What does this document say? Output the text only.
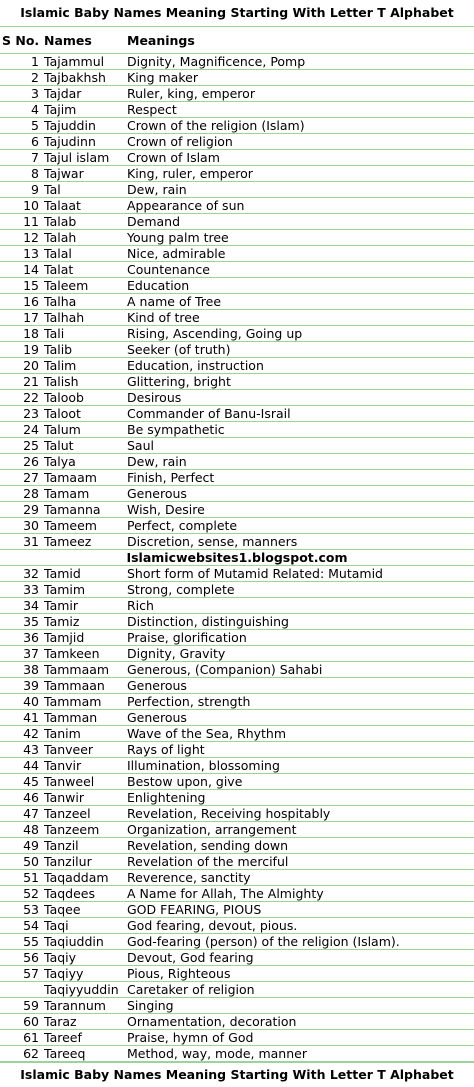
Islamic Baby Names Meaning Starting With Letter T Alphabet
S No.	Names	Meanings
1	Tajammul	Dignity, Magnificence, Pomp
2	Tajbakhsh	King maker
3	Tajdar	Ruler, king, emperor
4	Tajim	Respect
5	Tajuddin	Crown of the religion (Islam)
6	Tajudinn	Crown of religion
7	Tajul islam	Crown of Islam
8	Tajwar	King, ruler, emperor
9	Tal	Dew, rain
10	Talaat	Appearance of sun
11	Talab	Demand
12	Talah	Young palm tree
13	Talal	Nice, admirable
14	Talat	Countenance
15	Taleem	Education
16	Talha	A name of Tree
17	Talhah	Kind of tree
18	Tali	Rising, Ascending, Going up
19	Talib	Seeker (of truth)
20	Talim	Education, instruction
21	Talish	Glittering, bright
22	Taloob	Desirous
23	Taloot	Commander of Banu-Israil
24	Talum	Be sympathetic
25	Talut	Saul
26	Talya	Dew, rain
27	Tamaam	Finish, Perfect
28	Tamam	Generous
29	Tamanna	Wish, Desire
30	Tameem	Perfect, complete
31	Tameez	Discretion, sense, manners
Islamicwebsites1.blogspot.com		
32	Tamid	Short form of Mutamid Related: Mutamid
33	Tamim	Strong, complete
34	Tamir	Rich
35	Tamiz	Distinction, distinguishing
36	Tamjid	Praise, glorification
37	Tamkeen	Dignity, Gravity
38	Tammaam	Generous, (Companion) Sahabi
39	Tammaan	Generous
40	Tammam	Perfection, strength
41	Tamman	Generous
42	Tanim	Wave of the Sea, Rhythm
43	Tanveer	Rays of light
44	Tanvir	Illumination, blossoming
45	Tanweel	Bestow upon, give
46	Tanwir	Enlightening
47	Tanzeel	Revelation, Receiving hospitably
48	Tanzeem	Organization, arrangement
49	Tanzil	Revelation, sending down
50	Tanzilur	Revelation of the merciful
51	Taqaddam	Reverence, sanctity
52	Taqdees	A Name for Allah, The Almighty
53	Taqee	GOD FEARING, PIOUS
54	Taqi	God fearing, devout, pious.
55	Taqiuddin	God-fearing (person) of the religion (Islam).
56	Taqiy	Devout, God fearing
57	Taqiyy	Pious, Righteous
	Taqiyyuddin	Caretaker of religion
59	Tarannum	Singing
60	Taraz	Ornamentation, decoration
61	Tareef	Praise, hymn of God
62	Tareeq	Method, way, mode, manner
Islamic Baby Names Meaning Starting With Letter T Alphabet
